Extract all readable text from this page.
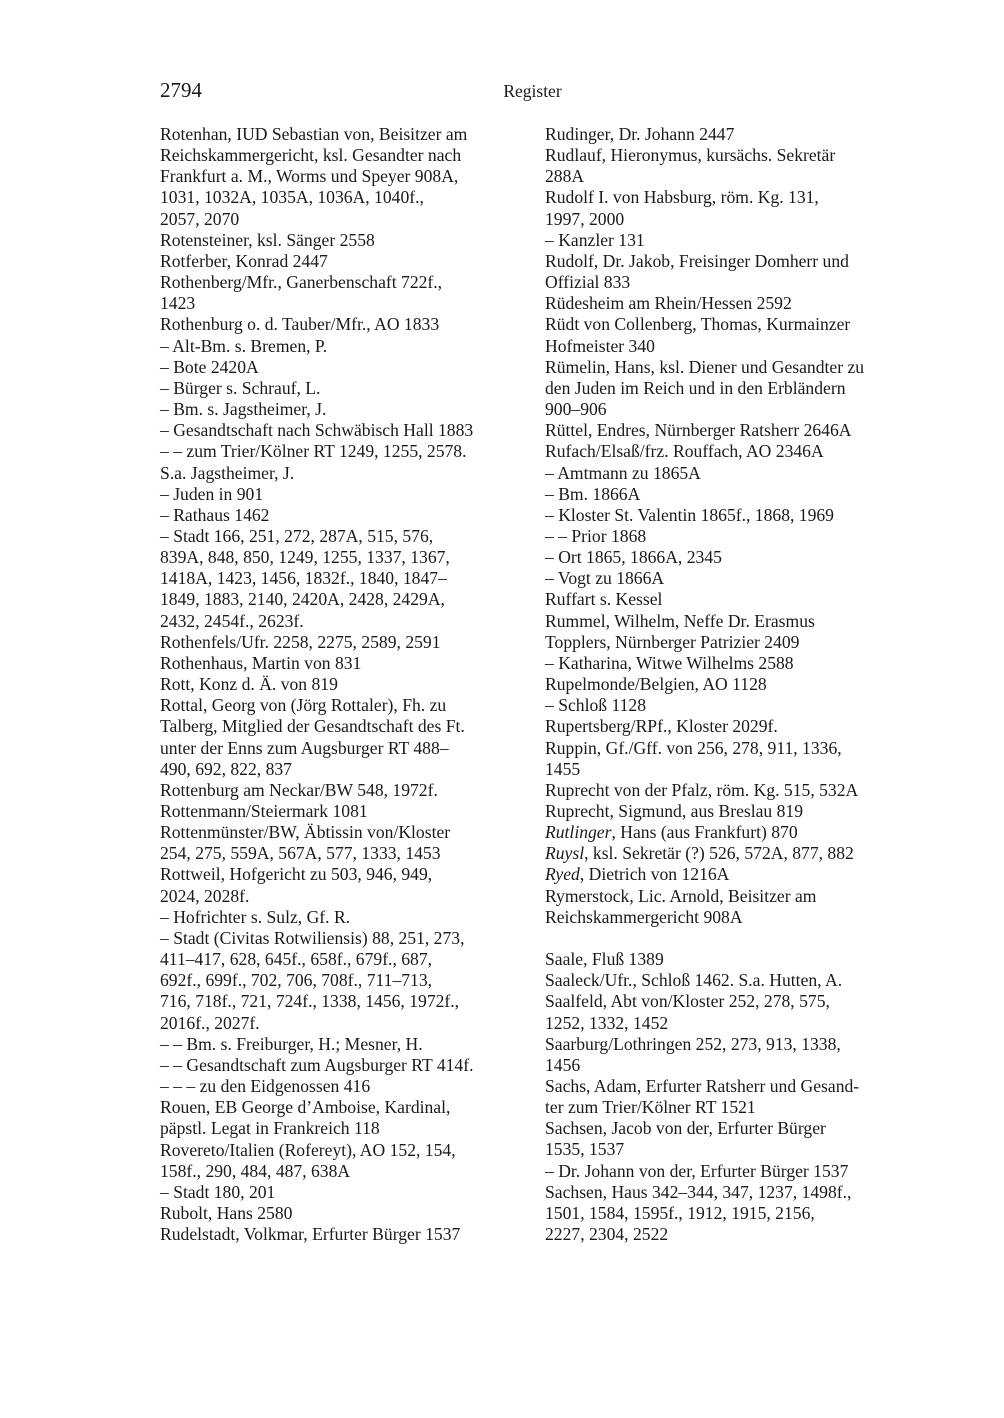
2794	Register
Rotenhan, IUD Sebastian von, Beisitzer am
Reichskammergericht, ksl. Gesandter nach
Frankfurt a. M., Worms und Speyer 908A,
1031, 1032A, 1035A, 1036A, 1040f.,
2057, 2070
Rotensteiner, ksl. Sänger 2558
Rotferber, Konrad 2447
Rothenberg/Mfr., Ganerbenschaft 722f.,
1423
Rothenburg o. d. Tauber/Mfr., AO 1833
– Alt-Bm. s. Bremen, P.
– Bote 2420A
– Bürger s. Schrauf, L.
– Bm. s. Jagstheimer, J.
– Gesandtschaft nach Schwäbisch Hall 1883
– – zum Trier/Kölner RT 1249, 1255, 2578.
S.a. Jagstheimer, J.
– Juden in 901
– Rathaus 1462
– Stadt 166, 251, 272, 287A, 515, 576,
839A, 848, 850, 1249, 1255, 1337, 1367,
1418A, 1423, 1456, 1832f., 1840, 1847–
1849, 1883, 2140, 2420A, 2428, 2429A,
2432, 2454f., 2623f.
Rothenfels/Ufr. 2258, 2275, 2589, 2591
Rothenhaus, Martin von 831
Rott, Konz d. Ä. von 819
Rottal, Georg von (Jörg Rottaler), Fh. zu
Talberg, Mitglied der Gesandtschaft des Ft.
unter der Enns zum Augsburger RT 488–
490, 692, 822, 837
Rottenburg am Neckar/BW 548, 1972f.
Rottenmann/Steiermark 1081
Rottenmünster/BW, Äbtissin von/Kloster
254, 275, 559A, 567A, 577, 1333, 1453
Rottweil, Hofgericht zu 503, 946, 949,
2024, 2028f.
– Hofrichter s. Sulz, Gf. R.
– Stadt (Civitas Rotwiliensis) 88, 251, 273,
411–417, 628, 645f., 658f., 679f., 687,
692f., 699f., 702, 706, 708f., 711–713,
716, 718f., 721, 724f., 1338, 1456, 1972f.,
2016f., 2027f.
– – Bm. s. Freiburger, H.; Mesner, H.
– – Gesandtschaft zum Augsburger RT 414f.
– – – zu den Eidgenossen 416
Rouen, EB George d’Amboise, Kardinal,
päpstl. Legat in Frankreich 118
Rovereto/Italien (Rofereyt), AO 152, 154,
158f., 290, 484, 487, 638A
– Stadt 180, 201
Rubolt, Hans 2580
Rudelstadt, Volkmar, Erfurter Bürger 1537
Rudinger, Dr. Johann 2447
Rudlauf, Hieronymus, kursächs. Sekretär
288A
Rudolf I. von Habsburg, röm. Kg. 131,
1997, 2000
– Kanzler 131
Rudolf, Dr. Jakob, Freisinger Domherr und
Offizial 833
Rüdesheim am Rhein/Hessen 2592
Rüdt von Collenberg, Thomas, Kurmainzer
Hofmeister 340
Rümelin, Hans, ksl. Diener und Gesandter zu
den Juden im Reich und in den Erbländern
900–906
Rüttel, Endres, Nürnberger Ratsherr 2646A
Rufach/Elsaß/frz. Rouffach, AO 2346A
– Amtmann zu 1865A
– Bm. 1866A
– Kloster St. Valentin 1865f., 1868, 1969
– – Prior 1868
– Ort 1865, 1866A, 2345
– Vogt zu 1866A
Ruffart s. Kessel
Rummel, Wilhelm, Neffe Dr. Erasmus
Topplers, Nürnberger Patrizier 2409
– Katharina, Witwe Wilhelms 2588
Rupelmonde/Belgien, AO 1128
– Schloß 1128
Rupertsberg/RPf., Kloster 2029f.
Ruppin, Gf./Gff. von 256, 278, 911, 1336,
1455
Ruprecht von der Pfalz, röm. Kg. 515, 532A
Ruprecht, Sigmund, aus Breslau 819
Rutlinger, Hans (aus Frankfurt) 870
Ruysl, ksl. Sekretär (?) 526, 572A, 877, 882
Ryed, Dietrich von 1216A
Rymerstock, Lic. Arnold, Beisitzer am
Reichskammergericht 908A
Saale, Fluß 1389
Saaleck/Ufr., Schloß 1462. S.a. Hutten, A.
Saalfeld, Abt von/Kloster 252, 278, 575,
1252, 1332, 1452
Saarburg/Lothringen 252, 273, 913, 1338,
1456
Sachs, Adam, Erfurter Ratsherr und Gesand-
ter zum Trier/Kölner RT 1521
Sachsen, Jacob von der, Erfurter Bürger
1535, 1537
– Dr. Johann von der, Erfurter Bürger 1537
Sachsen, Haus 342–344, 347, 1237, 1498f.,
1501, 1584, 1595f., 1912, 1915, 2156,
2227, 2304, 2522
